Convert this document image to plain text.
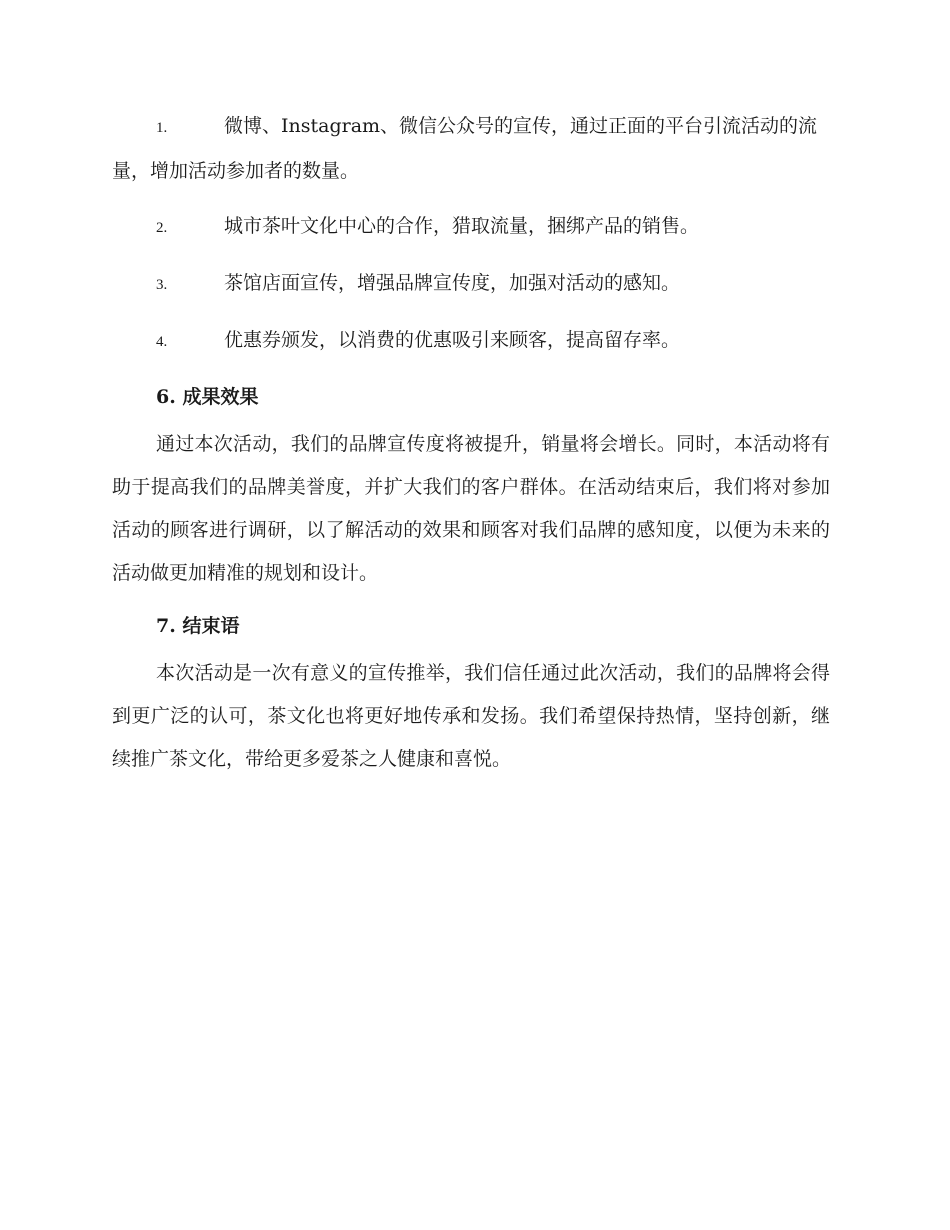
1.	微博、Instagram、微信公众号的宣传，通过正面的平台引流活动的流量，增加活动参加者的数量。
2.	城市茶叶文化中心的合作，猎取流量，捆绑产品的销售。
3.	茶馆店面宣传，增强品牌宣传度，加强对活动的感知。
4.	优惠券颁发，以消费的优惠吸引来顾客，提高留存率。
6. 成果效果

通过本次活动，我们的品牌宣传度将被提升，销量将会增长。同时，本活动将有助于提高我们的品牌美誉度，并扩大我们的客户群体。在活动结束后，我们将对参加活动的顾客进行调研，以了解活动的效果和顾客对我们品牌的感知度，以便为未来的活动做更加精准的规划和设计。

7. 结束语

本次活动是一次有意义的宣传推举，我们信任通过此次活动，我们的品牌将会得到更广泛的认可，茶文化也将更好地传承和发扬。我们希望保持热情，坚持创新，继续推广茶文化，带给更多爱茶之人健康和喜悦。
